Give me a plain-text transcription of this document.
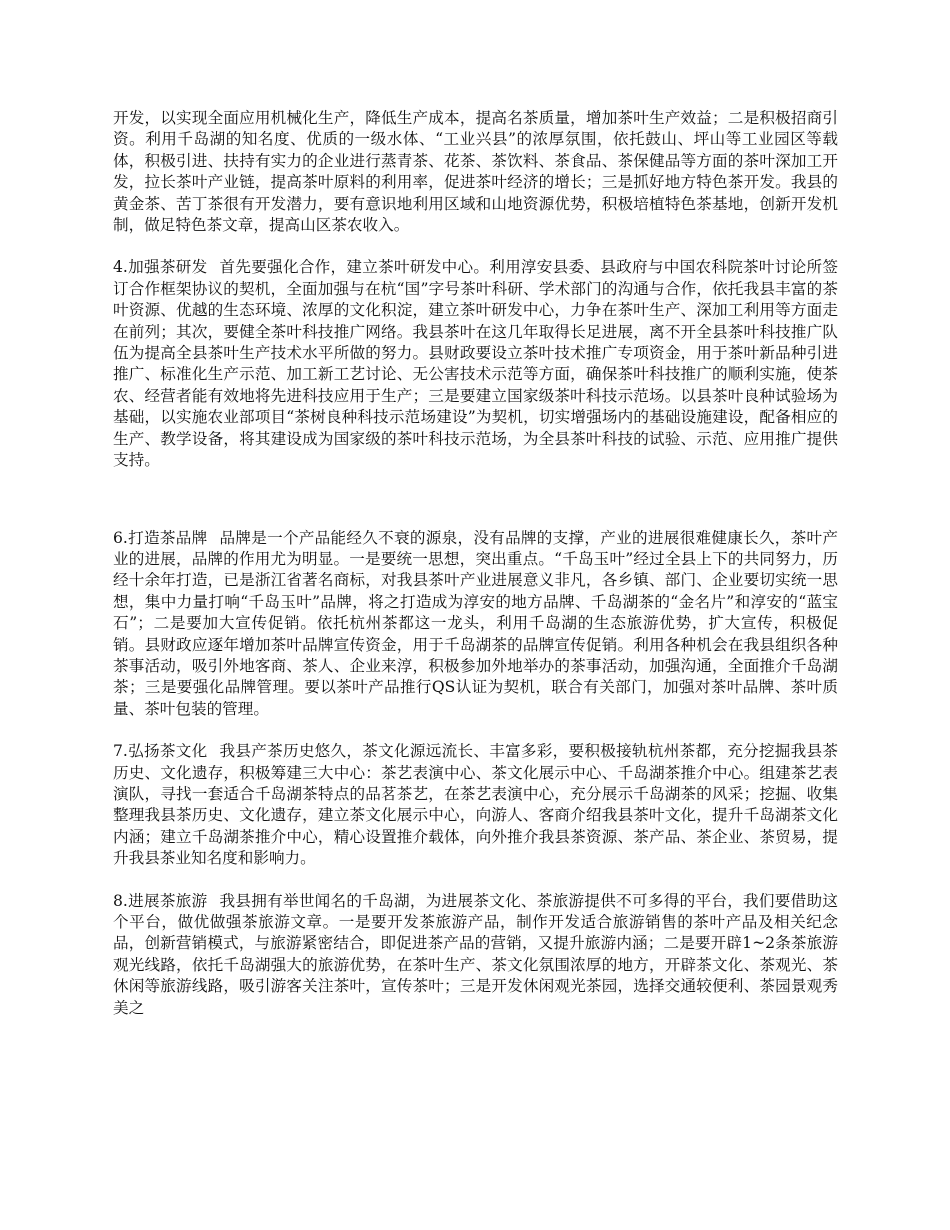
开发，以实现全面应用机械化生产，降低生产成本，提高名茶质量，增加茶叶生产效益；二是积极招商引资。利用千岛湖的知名度、优质的一级水体、“工业兴县”的浓厚氛围，依托鼓山、坪山等工业园区等载体，积极引进、扶持有实力的企业进行蒸青茶、花茶、茶饮料、茶食品、茶保健品等方面的茶叶深加工开发，拉长茶叶产业链，提高茶叶原料的利用率，促进茶叶经济的增长；三是抓好地方特色茶开发。我县的黄金茶、苦丁茶很有开发潜力，要有意识地利用区域和山地资源优势，积极培植特色茶基地，创新开发机制，做足特色茶文章，提高山区茶农收入。

4.加强茶研发 首先要强化合作，建立茶叶研发中心。利用淳安县委、县政府与中国农科院茶叶讨论所签订合作框架协议的契机，全面加强与在杭“国”字号茶叶科研、学术部门的沟通与合作，依托我县丰富的茶叶资源、优越的生态环境、浓厚的文化积淀，建立茶叶研发中心，力争在茶叶生产、深加工利用等方面走在前列；其次，要健全茶叶科技推广网络。我县茶叶在这几年取得长足进展，离不开全县茶叶科技推广队伍为提高全县茶叶生产技术水平所做的努力。县财政要设立茶叶技术推广专项资金，用于茶叶新品种引进推广、标准化生产示范、加工新工艺讨论、无公害技术示范等方面，确保茶叶科技推广的顺利实施，使茶农、经营者能有效地将先进科技应用于生产；三是要建立国家级茶叶科技示范场。以县茶叶良种试验场为基础，以实施农业部项目“茶树良种科技示范场建设”为契机，切实增强场内的基础设施建设，配备相应的生产、教学设备，将其建设成为国家级的茶叶科技示范场，为全县茶叶科技的试验、示范、应用推广提供支持。

6.打造茶品牌 品牌是一个产品能经久不衰的源泉，没有品牌的支撑，产业的进展很难健康长久，茶叶产业的进展，品牌的作用尤为明显。一是要统一思想，突出重点。“千岛玉叶”经过全县上下的共同努力，历经十余年打造，已是浙江省著名商标，对我县茶叶产业进展意义非凡，各乡镇、部门、企业要切实统一思想，集中力量打响“千岛玉叶”品牌，将之打造成为淳安的地方品牌、千岛湖茶的“金名片”和淳安的“蓝宝石”；二是要加大宣传促销。依托杭州茶都这一龙头，利用千岛湖的生态旅游优势，扩大宣传，积极促销。县财政应逐年增加茶叶品牌宣传资金，用于千岛湖茶的品牌宣传促销。利用各种机会在我县组织各种茶事活动，吸引外地客商、茶人、企业来淳，积极参加外地举办的茶事活动，加强沟通，全面推介千岛湖茶；三是要强化品牌管理。要以茶叶产品推行QS认证为契机，联合有关部门，加强对茶叶品牌、茶叶质量、茶叶包装的管理。

7.弘扬茶文化 我县产茶历史悠久，茶文化源远流长、丰富多彩，要积极接轨杭州茶都，充分挖掘我县茶历史、文化遗存，积极筹建三大中心：茶艺表演中心、茶文化展示中心、千岛湖茶推介中心。组建茶艺表演队，寻找一套适合千岛湖茶特点的品茗茶艺，在茶艺表演中心，充分展示千岛湖茶的风采；挖掘、收集整理我县茶历史、文化遗存，建立茶文化展示中心，向游人、客商介绍我县茶叶文化，提升千岛湖茶文化内涵；建立千岛湖茶推介中心，精心设置推介载体，向外推介我县茶资源、茶产品、茶企业、茶贸易，提升我县茶业知名度和影响力。

8.进展茶旅游 我县拥有举世闻名的千岛湖，为进展茶文化、茶旅游提供不可多得的平台，我们要借助这个平台，做优做强茶旅游文章。一是要开发茶旅游产品，制作开发适合旅游销售的茶叶产品及相关纪念品，创新营销模式，与旅游紧密结合，即促进茶产品的营销，又提升旅游内涵；二是要开辟1~2条茶旅游观光线路，依托千岛湖强大的旅游优势，在茶叶生产、茶文化氛围浓厚的地方，开辟茶文化、茶观光、茶休闲等旅游线路，吸引游客关注茶叶，宣传茶叶；三是开发休闲观光茶园，选择交通较便利、茶园景观秀美之
